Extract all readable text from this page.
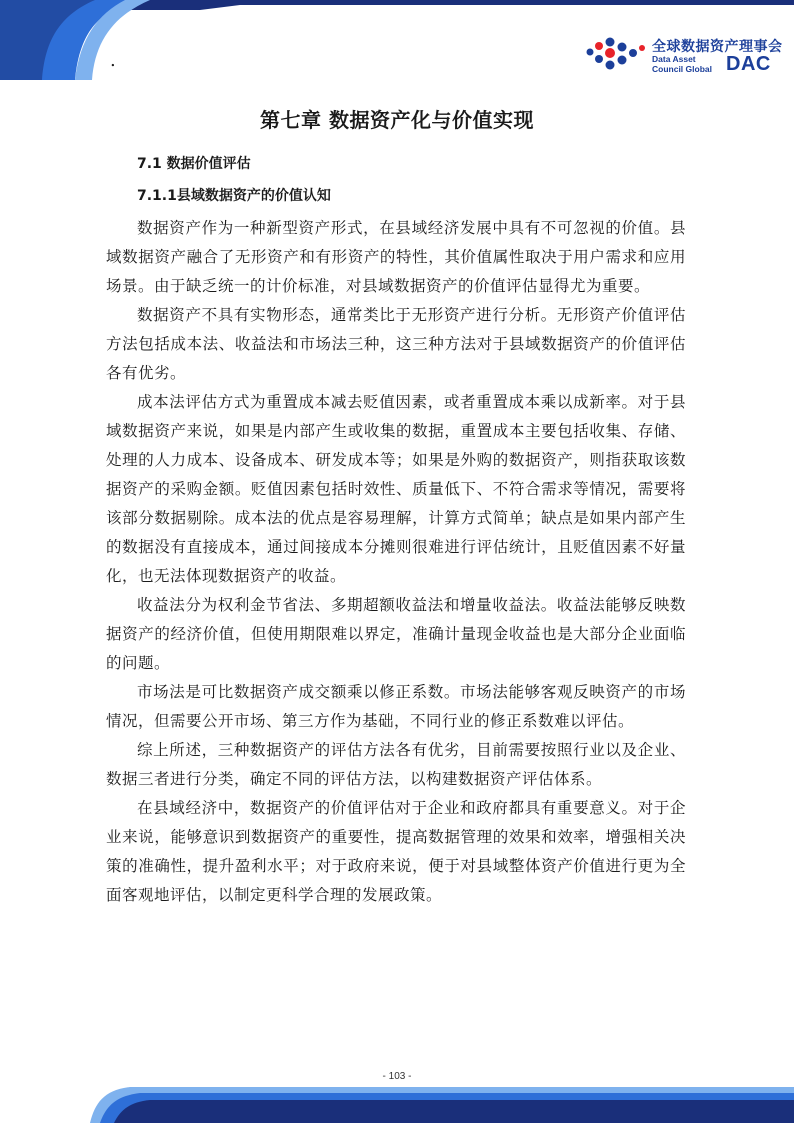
.
全球数据资产理事会
Data Asset Council Global DAC
第七章 数据资产化与价值实现
7.1 数据价值评估
7.1.1县域数据资产的价值认知

数据资产作为一种新型资产形式，在县域经济发展中具有不可忽视的价值。县域数据资产融合了无形资产和有形资产的特性，其价值属性取决于用户需求和应用场景。由于缺乏统一的计价标准，对县域数据资产的价值评估显得尤为重要。

数据资产不具有实物形态，通常类比于无形资产进行分析。无形资产价值评估方法包括成本法、收益法和市场法三种，这三种方法对于县域数据资产的价值评估各有优劣。

成本法评估方式为重置成本减去贬值因素，或者重置成本乘以成新率。对于县域数据资产来说，如果是内部产生或收集的数据，重置成本主要包括收集、存储、处理的人力成本、设备成本、研发成本等；如果是外购的数据资产，则指获取该数据资产的采购金额。贬值因素包括时效性、质量低下、不符合需求等情况，需要将该部分数据剔除。成本法的优点是容易理解，计算方式简单；缺点是如果内部产生的数据没有直接成本，通过间接成本分摊则很难进行评估统计，且贬值因素不好量化，也无法体现数据资产的收益。

收益法分为权利金节省法、多期超额收益法和增量收益法。收益法能够反映数据资产的经济价值，但使用期限难以界定，准确计量现金收益也是大部分企业面临的问题。

市场法是可比数据资产成交额乘以修正系数。市场法能够客观反映资产的市场情况，但需要公开市场、第三方作为基础，不同行业的修正系数难以评估。

综上所述，三种数据资产的评估方法各有优劣，目前需要按照行业以及企业、数据三者进行分类，确定不同的评估方法，以构建数据资产评估体系。

在县域经济中，数据资产的价值评估对于企业和政府都具有重要意义。对于企业来说，能够意识到数据资产的重要性，提高数据管理的效果和效率，增强相关决策的准确性，提升盈利水平；对于政府来说，便于对县域整体资产价值进行更为全面客观地评估，以制定更科学合理的发展政策。

- 103 -
